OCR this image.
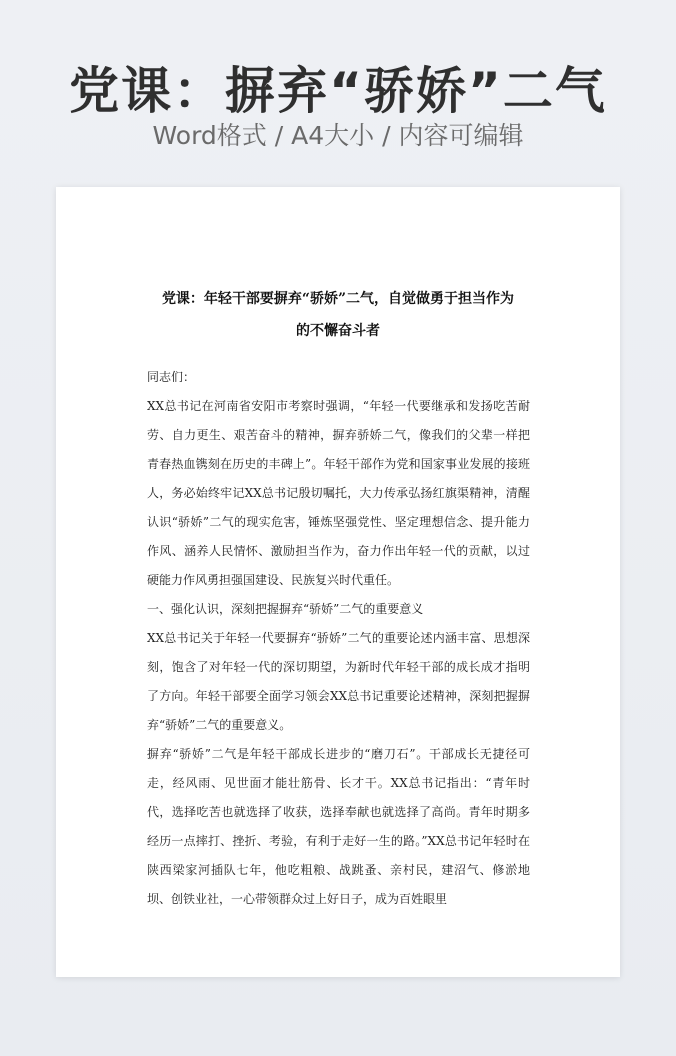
党课：摒弃“骄娇”二气
Word格式 / A4大小 / 内容可编辑
党课：年轻干部要摒弃“骄娇”二气，自觉做勇于担当作为
的不懈奋斗者

同志们：

XX总书记在河南省安阳市考察时强调，“年轻一代要继承和发扬吃苦耐劳、自力更生、艰苦奋斗的精神，摒弃骄娇二气，像我们的父辈一样把青春热血镌刻在历史的丰碑上”。年轻干部作为党和国家事业发展的接班人，务必始终牢记XX总书记殷切嘱托，大力传承弘扬红旗渠精神，清醒认识“骄娇”二气的现实危害，锤炼坚强党性、坚定理想信念、提升能力作风、涵养人民情怀、激励担当作为，奋力作出年轻一代的贡献，以过硬能力作风勇担强国建设、民族复兴时代重任。

一、强化认识，深刻把握摒弃“骄娇”二气的重要意义

XX总书记关于年轻一代要摒弃“骄娇”二气的重要论述内涵丰富、思想深刻，饱含了对年轻一代的深切期望，为新时代年轻干部的成长成才指明了方向。年轻干部要全面学习领会XX总书记重要论述精神，深刻把握摒弃“骄娇”二气的重要意义。

摒弃“骄娇”二气是年轻干部成长进步的“磨刀石”。干部成长无捷径可走，经风雨、见世面才能壮筋骨、长才干。XX总书记指出：“青年时代，选择吃苦也就选择了收获，选择奉献也就选择了高尚。青年时期多经历一点摔打、挫折、考验，有利于走好一生的路。”XX总书记年轻时在陕西梁家河插队七年，他吃粗粮、战跳蚤、亲村民，建沼气、修淤地坝、创铁业社，一心带领群众过上好日子，成为百姓眼里
